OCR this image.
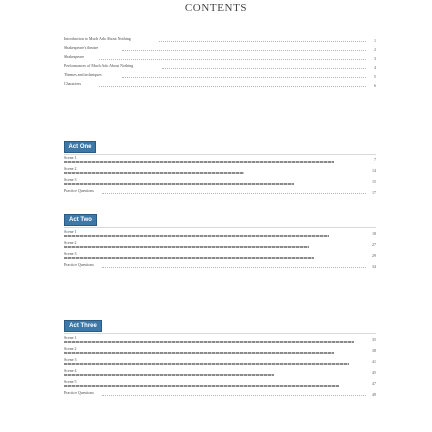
CONTENTS
Introduction to Much Ado About Nothing	1
Shakespeare's theatre	2
Shakespeare	3
Performances of Much Ado About Nothing	4
Themes and techniques	5
Characters	6
Act One
Scene 1	7
Scene 2	14
Scene 3	15
Practice Questions	17
Act Two
Scene 1	18
Scene 2	27
Scene 3	29
Practice Questions	34
Act Three
Scene 1	35
Scene 2	38
Scene 3	41
Scene 4	45
Scene 5	47
Practice Questions	49
